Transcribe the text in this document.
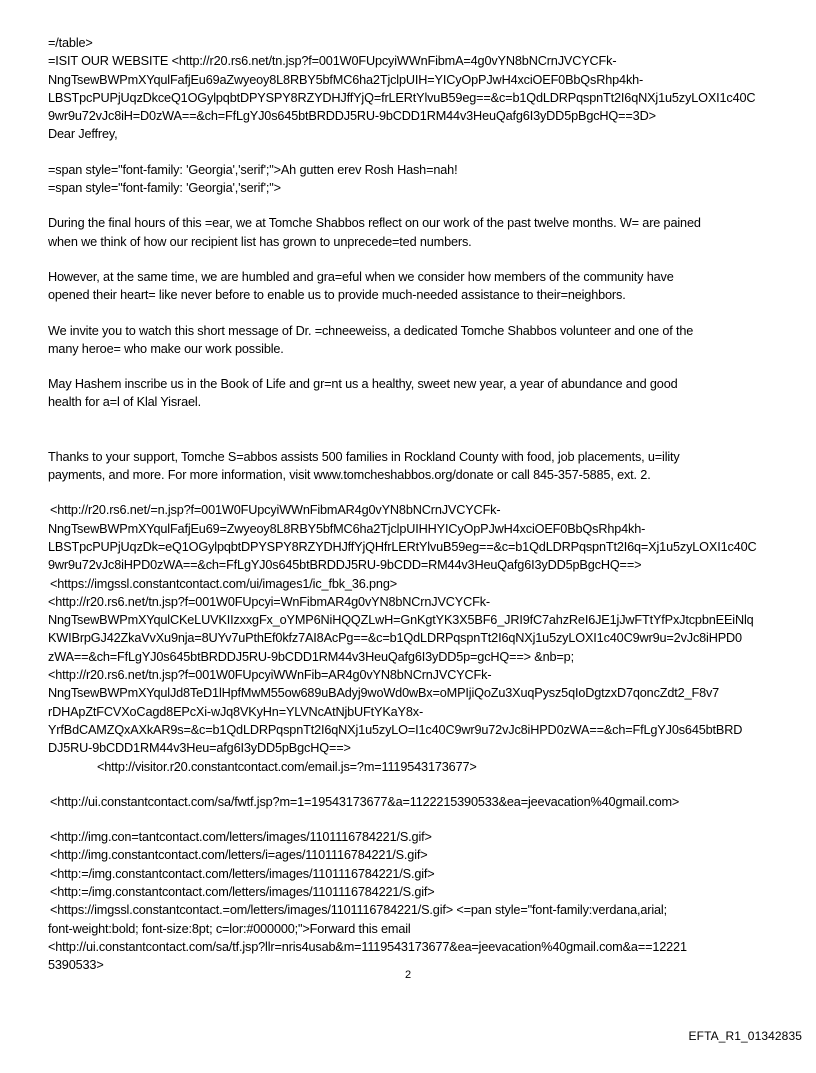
=/table>
=ISIT OUR WEBSITE <http://r20.rs6.net/tn.jsp?f=001W0FUpcyiWWnFibmA=4g0vYN8bNCrnJVCYCFk-
NngTsewBWPmXYqulFafjEu69aZwyeoy8L8RBY5bfMC6ha2TjclpUIH=YICyOpPJwH4xciOEF0BbQsRhp4kh-
LBSTpcPUPjUqzDkceQ1OGylpqbtDPYSPY8RZYDHJffYjQ=frLERtYlvuB59eg==&c=b1QdLDRPqspnTt2I6qNXj1u5zyLOXI1c40C
9wr9u72vJc8iH=D0zWA==&ch=FfLgYJ0s645btBRDDJ5RU-9bCDD1RM44v3HeuQafg6I3yDD5pBgcHQ==3D>
Dear Jeffrey,
=span style="font-family: 'Georgia','serif';">Ah gutten erev Rosh Hash=nah!
=span style="font-family: 'Georgia','serif';">
During the final hours of this =ear, we at Tomche Shabbos reflect on our work of the past twelve months. W= are pained
when we think of how our recipient list has grown to unprecede=ted numbers.
However, at the same time, we are humbled and gra=eful when we consider how members of the community have
opened their heart= like never before to enable us to provide much-needed assistance to their=neighbors.
We invite you to watch this short message of Dr. =chneeweiss, a dedicated Tomche Shabbos volunteer and one of the
many heroe= who make our work possible.
May Hashem inscribe us in the Book of Life and gr=nt us a healthy, sweet new year, a year of abundance and good
health for a=l of Klal Yisrael.
Thanks to your support, Tomche S=abbos assists 500 families in Rockland County with food, job placements, u=ility
payments, and more. For more information, visit www.tomcheshabbos.org/donate or call 845-357-5885, ext. 2.
<http://r20.rs6.net/=n.jsp?f=001W0FUpcyiWWnFibmAR4g0vYN8bNCrnJVCYCFk-
NngTsewBWPmXYqulFafjEu69=Zwyeoy8L8RBY5bfMC6ha2TjclpUIHHYICyOpPJwH4xciOEF0BbQsRhp4kh-
LBSTpcPUPjUqzDk=eQ1OGylpqbtDPYSPY8RZYDHJffYjQHfrLERtYlvuB59eg==&c=b1QdLDRPqspnTt2I6q=Xj1u5zyLOXI1c40C
9wr9u72vJc8iHPD0zWA==&ch=FfLgYJ0s645btBRDDJ5RU-9bCDD=RM44v3HeuQafg6I3yDD5pBgcHQ==>
<https://imgssl.constantcontact.com/ui/images1/ic_fbk_36.png>
<http://r20.rs6.net/tn.jsp?f=001W0FUpcyi=WnFibmAR4g0vYN8bNCrnJVCYCFk-
NngTsewBWPmXYqulCKeLUVKIIzxxgFx_oYMP6NiHQQZLwH=GnKgtYK3X5BF6_JRI9fC7ahzReI6JE1jJwFTtYfPxJtcpbnEEiNlq
KWIBrpGJ42ZkaVvXu9nja=8UYv7uPthEf0kfz7AI8AcPg==&c=b1QdLDRPqspnTt2I6qNXj1u5zyLOXI1c40C9wr9u=2vJc8iHPD0
zWA==&ch=FfLgYJ0s645btBRDDJ5RU-9bCDD1RM44v3HeuQafg6I3yDD5p=gcHQ==> &nb=p;
<http://r20.rs6.net/tn.jsp?f=001W0FUpcyiWWnFib=AR4g0vYN8bNCrnJVCYCFk-
NngTsewBWPmXYqulJd8TeD1lHpfMwM55ow689uBAdyj9woWd0wBx=oMPIjiQoZu3XuqPysz5qIoDgtzxD7qoncZdt2_F8v7
rDHApZtFCVXoCagd8EPcXi-wJq8VKyHn=YLVNcAtNjbUFtYKaY8x-
YrfBdCAMZQxAXkAR9s=&c=b1QdLDRPqspnTt2I6qNXj1u5zyLO=I1c40C9wr9u72vJc8iHPD0zWA==&ch=FfLgYJ0s645btBRD
DJ5RU-9bCDD1RM44v3Heu=afg6I3yDD5pBgcHQ==>
<http://visitor.r20.constantcontact.com/email.js=?m=1119543173677>
<http://ui.constantcontact.com/sa/fwtf.jsp?m=1=19543173677&a=1122215390533&ea=jeevacation%40gmail.com>
<http://img.con=tantcontact.com/letters/images/1101116784221/S.gif>
<http://img.constantcontact.com/letters/i=ages/1101116784221/S.gif>
<http:=/img.constantcontact.com/letters/images/1101116784221/S.gif>
<http:=/img.constantcontact.com/letters/images/1101116784221/S.gif>
<https://imgssl.constantcontact.=om/letters/images/1101116784221/S.gif> <=pan style="font-family:verdana,arial;
font-weight:bold; font-size:8pt; c=lor:#000000;">Forward this email
<http://ui.constantcontact.com/sa/tf.jsp?llr=nris4usab&m=1119543173677&ea=jeevacation%40gmail.com&a==12221
5390533>
2
EFTA_R1_01342835
